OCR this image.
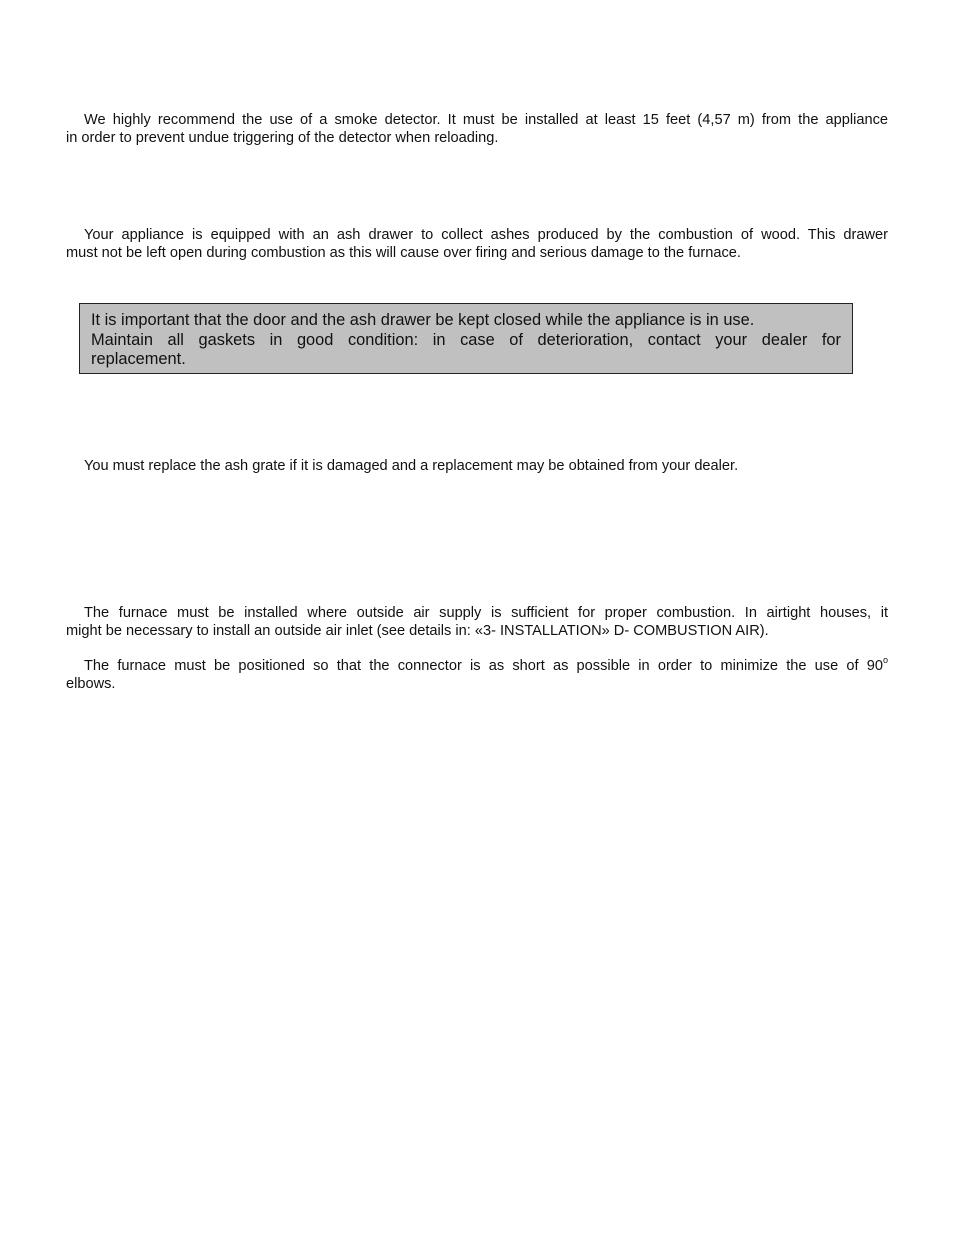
We highly recommend the use of a smoke detector. It must be installed at least 15 feet (4,57 m) from the appliance
in order to prevent undue triggering of the detector when reloading.
Your appliance is equipped with an ash drawer to collect ashes produced by the combustion of wood. This drawer
must not be left open during combustion as this will cause over firing and serious damage to the furnace.

It is important that the door and the ash drawer be kept closed while the appliance is in use.

Maintain all gaskets in good condition: in case of deterioration, contact your dealer for

replacement.

You must replace the ash grate if it is damaged and a replacement may be obtained from your dealer.
The furnace must be installed where outside air supply is sufficient for proper combustion. In airtight houses, it
might be necessary to install an outside air inlet (see details in: «3- INSTALLATION» D- COMBUSTION AIR).
The furnace must be positioned so that the connector is as short as possible in order to minimize the use of 90$^o$
elbows.
